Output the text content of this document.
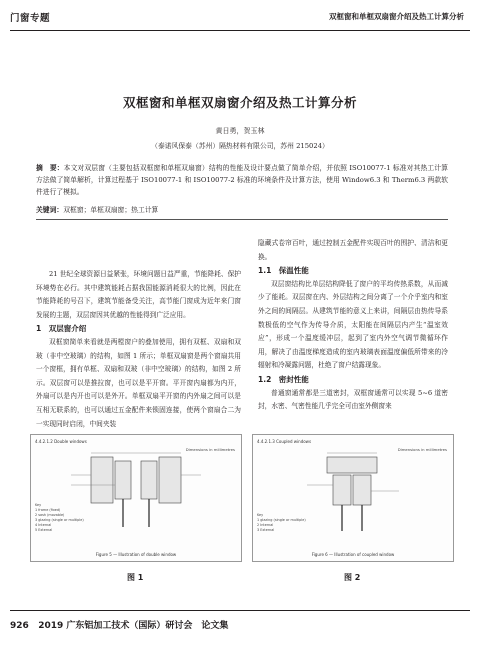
门窗专题	双框窗和单框双扇窗介绍及热工计算分析
双框窗和单框双扇窗介绍及热工计算分析
黄日勇，贺玉林
（泰诺风保泰（苏州）隔热材料有限公司，苏州 215024）
摘　要：本文对双层窗（主要包括双框窗和单框双扇窗）结构的性能及设计要点做了简单介绍，并依照 ISO10077-1 标准对其热工计算方法做了简单解析，计算过程基于 ISO10077-1 和 ISO10077-2 标准的环境条件及计算方法，使用 Window6.3 和 Therm6.3 两款软件进行了模拟。
关键词：双框窗；单框双扇窗；热工计算

21 世纪全球资源日益紧张，环境问题日益严重，节能降耗、保护环境势在必行。其中建筑能耗占据我国能源消耗很大的比例，因此在节能降耗的号召下，建筑节能备受关注，高节能门窗成为近年来门窗发展的主题，双层窗因其优越的性能得到广泛应用。

1　双层窗介绍

双框窗简单来看就是两樘窗户的叠加使用，拥有双框、双扇和双玻（非中空玻璃）的结构，如图 1 所示；单框双扇窗是两个窗扇共用一个窗框，拥有单框、双扇和双玻（非中空玻璃）的结构，如图 2 所示。双层窗可以是推拉窗，也可以是平开窗。平开窗内扇都为内开，外扇可以是内开也可以是外开。单框双扇平开窗的内外扇之间可以是互相无联系的，也可以通过五金配件来锁固连接，使两个窗扇合二为一实现同时启闭，中间夹装

隐藏式卷帘百叶，通过控制五金配件实现百叶的围护、清洁和更换。

1.1　保温性能

双层窗结构比单层结构降低了窗户的平均传热系数，从而减少了能耗。双层窗在内、外层结构之间分离了一个介乎室内和室外之间的间隔层。从建筑节能的意义上来讲，间隔层由热传导系数极低的空气作为传导介质，太阳能在间隔层内产生“温室效应”，形成一个温度缓冲层，起到了室内外空气调节微循环作用，解决了由温度梯度造成的室内玻璃表面温度偏低所带来的冷辐射和冷凝露问题，杜绝了窗户结露现象。

1.2　密封性能

普通窗通常都是三道密封，双框窗通常可以实现 5~6 道密封，水密、气密性能几乎完全可由室外侧窗来

4.4.2.1.2 Double windows
Dimensions in millimetres
Key
1 frame (fixed)
2 sash (movable)
3 glazing (single or multiple)
4 Internal
5 External
Figure 5 — Illustration of double window
图 1
4.4.2.1.3 Coupled windows
Dimensions in millimetres
Key
1 glazing (single or multiple)
2 Internal
3 External
Figure 6 — Illustration of coupled window
图 2
926 2019 广东铝加工技术（国际）研讨会　论文集
